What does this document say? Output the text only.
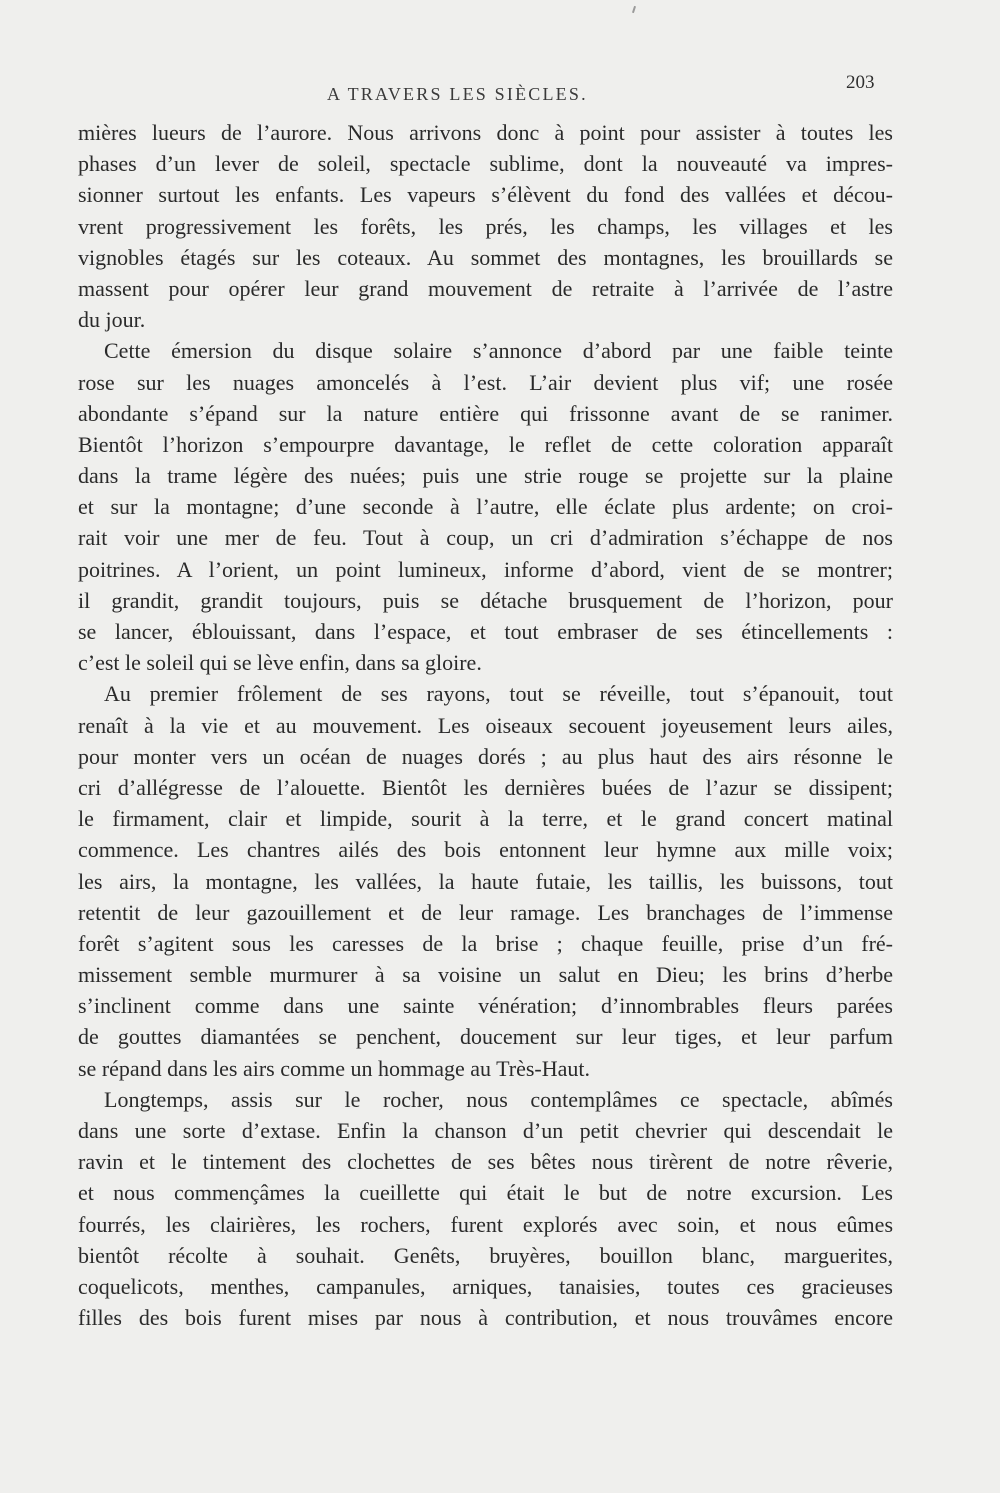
A TRAVERS LES SIÈCLES.
203
mières lueurs de l’aurore. Nous arrivons donc à point pour assister à toutes les
phases d’un lever de soleil, spectacle sublime, dont la nouveauté va impres-
sionner surtout les enfants. Les vapeurs s’élèvent du fond des vallées et décou-
vrent progressivement les forêts, les prés, les champs, les villages et les
vignobles étagés sur les coteaux. Au sommet des montagnes, les brouillards se
massent pour opérer leur grand mouvement de retraite à l’arrivée de l’astre
du jour.
Cette émersion du disque solaire s’annonce d’abord par une faible teinte
rose sur les nuages amoncelés à l’est. L’air devient plus vif; une rosée
abondante s’épand sur la nature entière qui frissonne avant de se ranimer.
Bientôt l’horizon s’empourpre davantage, le reflet de cette coloration apparaît
dans la trame légère des nuées; puis une strie rouge se projette sur la plaine
et sur la montagne; d’une seconde à l’autre, elle éclate plus ardente; on croi-
rait voir une mer de feu. Tout à coup, un cri d’admiration s’échappe de nos
poitrines. A l’orient, un point lumineux, informe d’abord, vient de se montrer;
il grandit, grandit toujours, puis se détache brusquement de l’horizon, pour
se lancer, éblouissant, dans l’espace, et tout embraser de ses étincellements :
c’est le soleil qui se lève enfin, dans sa gloire.
Au premier frôlement de ses rayons, tout se réveille, tout s’épanouit, tout
renaît à la vie et au mouvement. Les oiseaux secouent joyeusement leurs ailes,
pour monter vers un océan de nuages dorés ; au plus haut des airs résonne le
cri d’allégresse de l’alouette. Bientôt les dernières buées de l’azur se dissipent;
le firmament, clair et limpide, sourit à la terre, et le grand concert matinal
commence. Les chantres ailés des bois entonnent leur hymne aux mille voix;
les airs, la montagne, les vallées, la haute futaie, les taillis, les buissons, tout
retentit de leur gazouillement et de leur ramage. Les branchages de l’immense
forêt s’agitent sous les caresses de la brise ; chaque feuille, prise d’un fré-
missement semble murmurer à sa voisine un salut en Dieu; les brins d’herbe
s’inclinent comme dans une sainte vénération; d’innombrables fleurs parées
de gouttes diamantées se penchent, doucement sur leur tiges, et leur parfum
se répand dans les airs comme un hommage au Très-Haut.
Longtemps, assis sur le rocher, nous contemplâmes ce spectacle, abîmés
dans une sorte d’extase. Enfin la chanson d’un petit chevrier qui descendait le
ravin et le tintement des clochettes de ses bêtes nous tirèrent de notre rêverie,
et nous commençâmes la cueillette qui était le but de notre excursion. Les
fourrés, les clairières, les rochers, furent explorés avec soin, et nous eûmes
bientôt récolte à souhait. Genêts, bruyères, bouillon blanc, marguerites,
coquelicots, menthes, campanules, arniques, tanaisies, toutes ces gracieuses
filles des bois furent mises par nous à contribution, et nous trouvâmes encore
